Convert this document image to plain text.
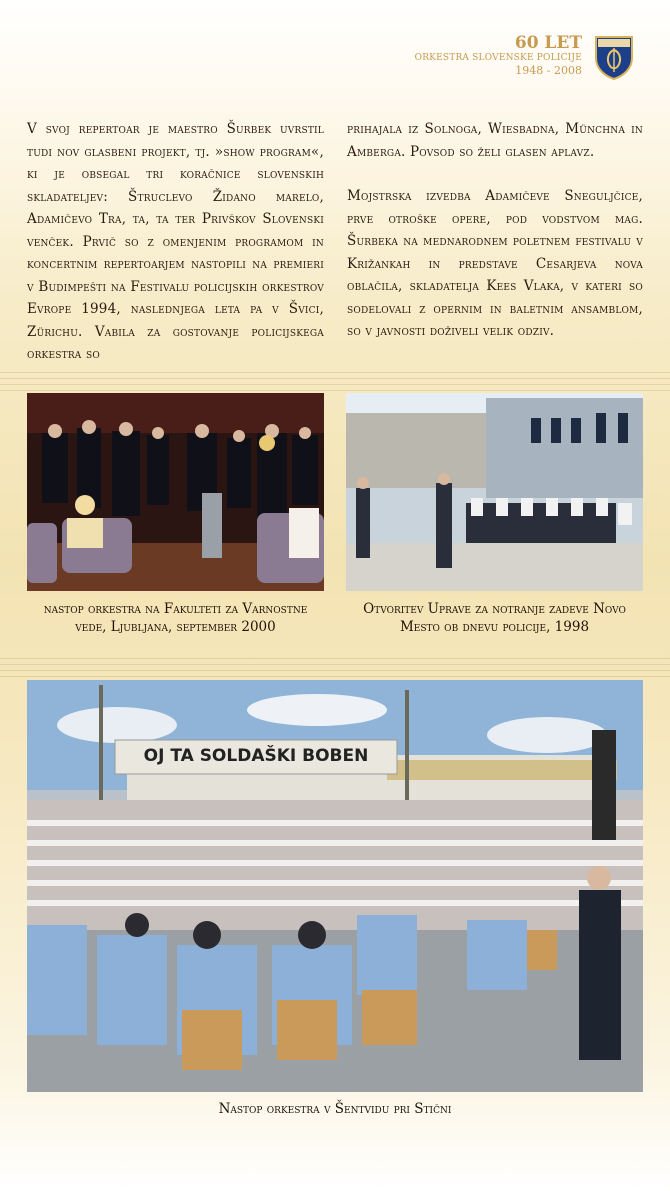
60 LET
ORKESTRA SLOVENSKE POLICIJE
1948 - 2008

V svoj repertoar je maestro Šurbek uvrstil tudi nov glasbeni projekt, tj. »show program«, ki je obsegal tri koračnice slovenskih skladateljev: Štruclevo Židano marelo, Adamičevo Tra, ta, ta ter Privškov Slovenski venček. Prvič so z omenjenim programom in koncertnim repertoarjem nastopili na premieri v Budimpešti na Festivalu policijskih orkestrov Evrope 1994, naslednjega leta pa v Švici, Zürichu. Vabila za gostovanje policijskega orkestra so

prihajala iz Solnoga, Wiesbadna, Münchna in Amberga. Povsod so želi glasen aplavz.

Mojstrska izvedba Adamičeve Sneguljčice, prve otroške opere, pod vodstvom mag. Šurbeka na mednarodnem poletnem festivalu v Križankah in predstave Cesarjeva nova oblačila, skladatelja Kees Vlaka, v kateri so sodelovali z opernim in baletnim ansamblom, so v javnosti doživeli velik odziv.

nastop orkestra na Fakulteti za Varnostne vede, Ljubljana, september 2000
Otvoritev Uprave za notranje zadeve Novo Mesto ob dnevu policije, 1998
OJ TA SOLDAŠKI BOBEN
Nastop orkestra v Šentvidu pri Stični
